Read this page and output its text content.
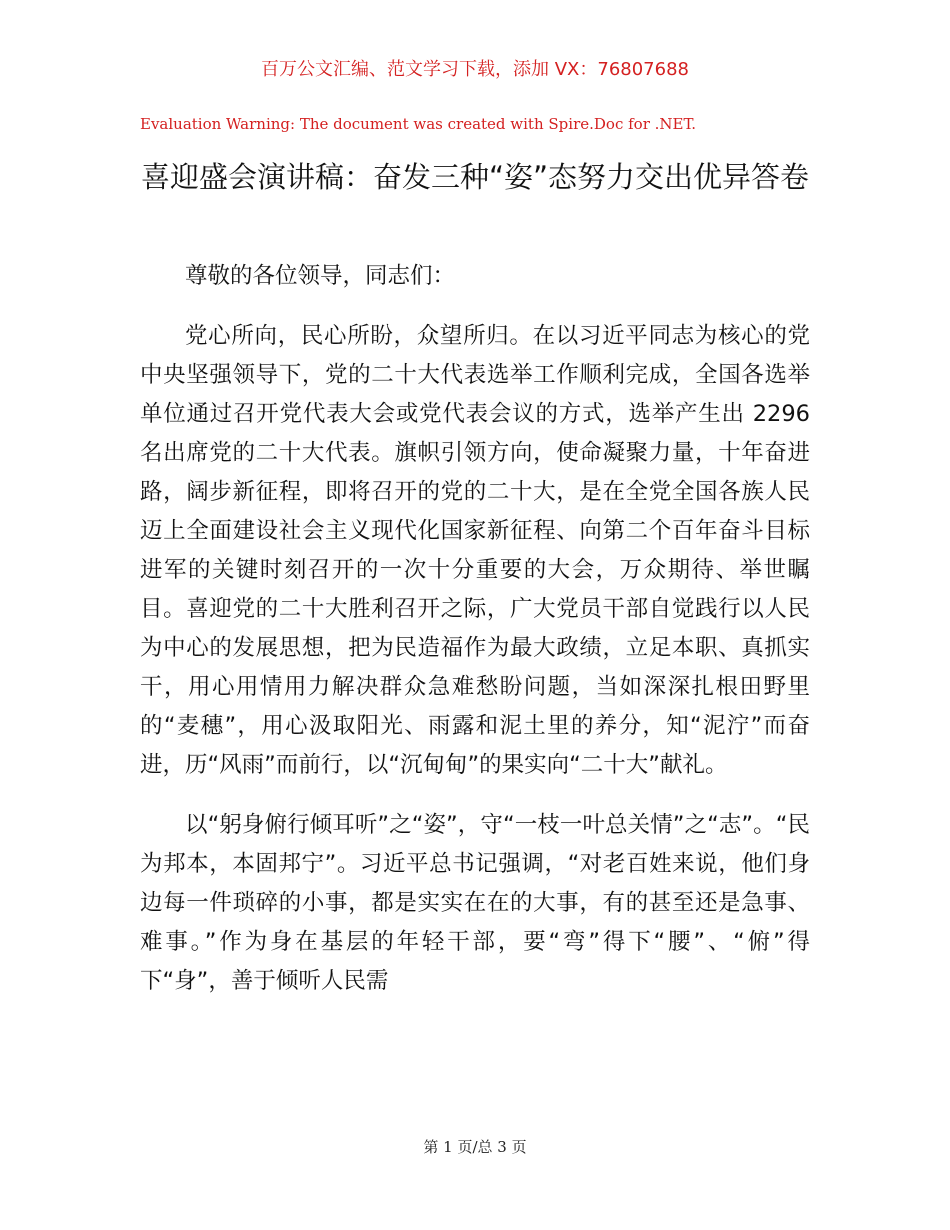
百万公文汇编、范文学习下载，添加 VX：76807688
Evaluation Warning: The document was created with Spire.Doc for .NET.
喜迎盛会演讲稿：奋发三种“姿”态努力交出优异答卷

尊敬的各位领导，同志们：

党心所向，民心所盼，众望所归。在以习近平同志为核心的党中央坚强领导下，党的二十大代表选举工作顺利完成，全国各选举单位通过召开党代表大会或党代表会议的方式，选举产生出 2296 名出席党的二十大代表。旗帜引领方向，使命凝聚力量，十年奋进路，阔步新征程，即将召开的党的二十大，是在全党全国各族人民迈上全面建设社会主义现代化国家新征程、向第二个百年奋斗目标进军的关键时刻召开的一次十分重要的大会，万众期待、举世瞩目。喜迎党的二十大胜利召开之际，广大党员干部自觉践行以人民为中心的发展思想，把为民造福作为最大政绩，立足本职、真抓实干，用心用情用力解决群众急难愁盼问题，当如深深扎根田野里的“麦穗”，用心汲取阳光、雨露和泥土里的养分，知“泥泞”而奋进，历“风雨”而前行，以“沉甸甸”的果实向“二十大”献礼。

以“躬身俯行倾耳听”之“姿”，守“一枝一叶总关情”之“志”。“民为邦本，本固邦宁”。习近平总书记强调，“对老百姓来说，他们身边每一件琐碎的小事，都是实实在在的大事，有的甚至还是急事、难事。”作为身在基层的年轻干部，要“弯”得下“腰”、“俯”得下“身”，善于倾听人民需

第 1 页/总 3 页
